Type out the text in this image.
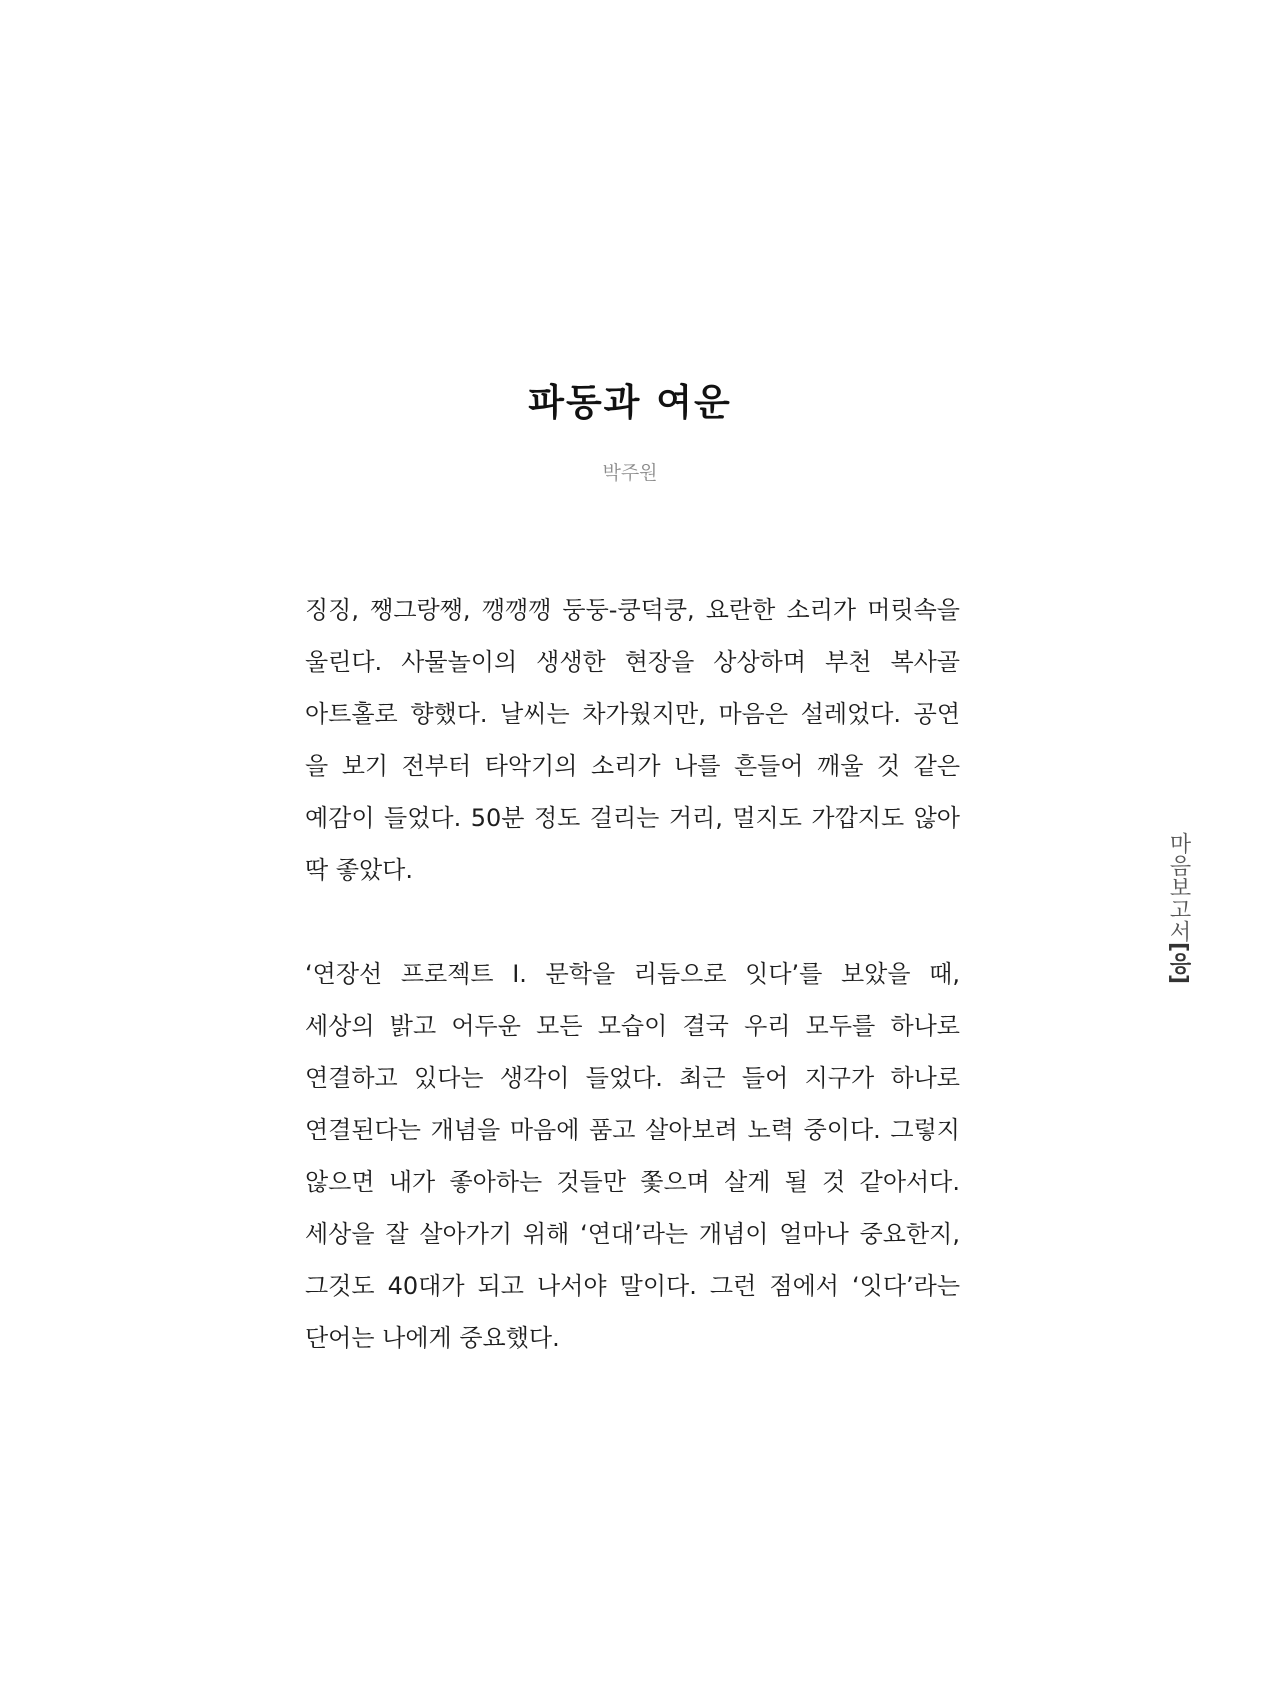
파동과 여운
박주원

징징, 쨍그랑쨍, 깽깽깽 둥둥-쿵덕쿵, 요란한 소리가 머릿속을
울린다. 사물놀이의 생생한 현장을 상상하며 부천 복사골
아트홀로 향했다. 날씨는 차가웠지만, 마음은 설레었다. 공연
을 보기 전부터 타악기의 소리가 나를 흔들어 깨울 것 같은
예감이 들었다. 50분 정도 걸리는 거리, 멀지도 가깝지도 않아
딱 좋았다.

‘연장선 프로젝트 I. 문학을 리듬으로 잇다’를 보았을 때,
세상의 밝고 어두운 모든 모습이 결국 우리 모두를 하나로
연결하고 있다는 생각이 들었다. 최근 들어 지구가 하나로
연결된다는 개념을 마음에 품고 살아보려 노력 중이다. 그렇지
않으면 내가 좋아하는 것들만 쫓으며 살게 될 것 같아서다.
세상을 잘 살아가기 위해 ‘연대’라는 개념이 얼마나 중요한지,
그것도 40대가 되고 나서야 말이다. 그런 점에서 ‘잇다’라는
단어는 나에게 중요했다.

마음보고서[응]
